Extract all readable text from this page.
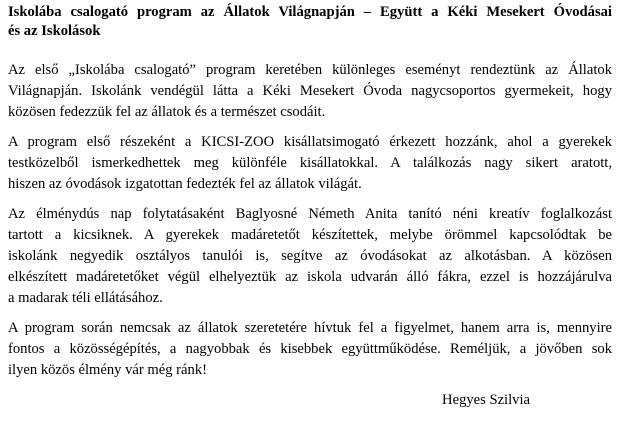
Iskolába csalogató program az Állatok Világnapján – Együtt a Kéki Mesekert Óvodásai
és az Iskolások
Az első „Iskolába csalogató” program keretében különleges eseményt rendeztünk az Állatok
Világnapján. Iskolánk vendégül látta a Kéki Mesekert Óvoda nagycsoportos gyermekeit, hogy
közösen fedezzük fel az állatok és a természet csodáit.
A program első részeként a KICSI-ZOO kisállatsimogató érkezett hozzánk, ahol a gyerekek
testközelből ismerkedhettek meg különféle kisállatokkal. A találkozás nagy sikert aratott,
hiszen az óvodások izgatottan fedezték fel az állatok világát.
Az élménydús nap folytatásaként Baglyosné Németh Anita tanító néni kreatív foglalkozást
tartott a kicsiknek. A gyerekek madáretetőt készítettek, melybe örömmel kapcsolódtak be
iskolánk negyedik osztályos tanulói is, segítve az óvodásokat az alkotásban. A közösen
elkészített madáretetőket végül elhelyeztük az iskola udvarán álló fákra, ezzel is hozzájárulva
a madarak téli ellátásához.
A program során nemcsak az állatok szeretetére hívtuk fel a figyelmet, hanem arra is, mennyire
fontos a közösségépítés, a nagyobbak és kisebbek együttműködése. Reméljük, a jövőben sok
ilyen közös élmény vár még ránk!
Hegyes Szilvia
